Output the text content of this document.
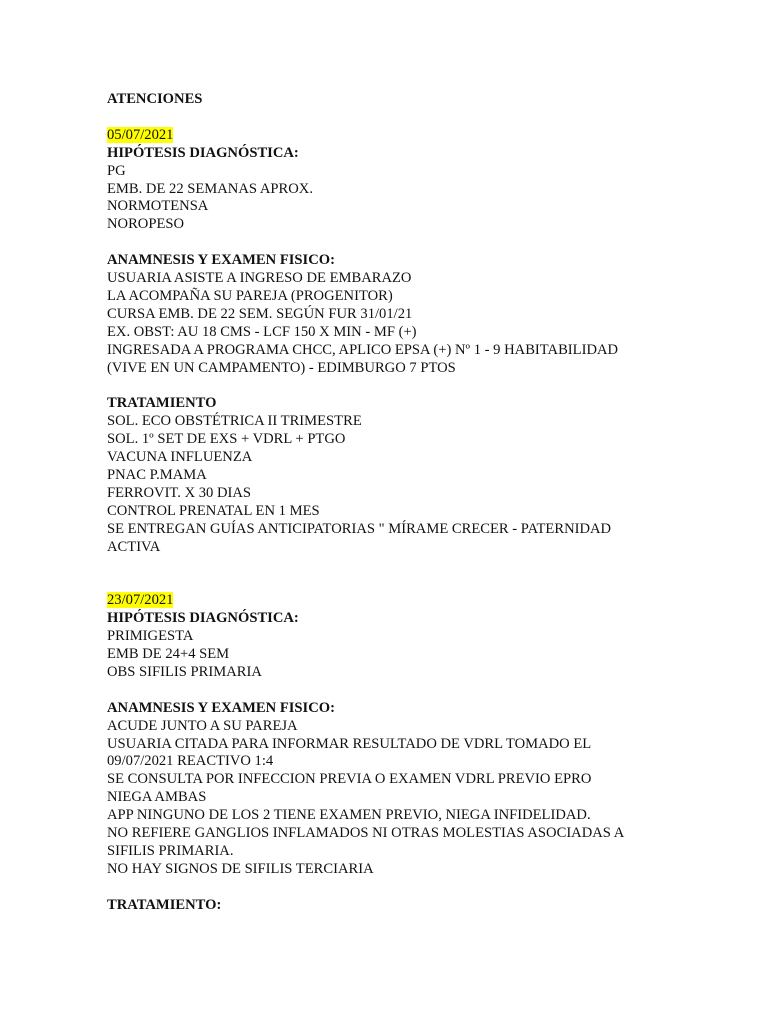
ATENCIONES
05/07/2021
HIPÓTESIS DIAGNÓSTICA:
PG
EMB. DE 22 SEMANAS APROX.
NORMOTENSA
NOROPESO
ANAMNESIS Y EXAMEN FISICO:
USUARIA ASISTE A INGRESO DE EMBARAZO
LA ACOMPAÑA SU PAREJA (PROGENITOR)
CURSA EMB. DE 22 SEM. SEGÚN FUR 31/01/21
EX. OBST: AU 18 CMS - LCF 150 X MIN - MF (+)
INGRESADA A PROGRAMA CHCC, APLICO EPSA (+) Nº 1 - 9 HABITABILIDAD
(VIVE EN UN CAMPAMENTO) - EDIMBURGO 7 PTOS
TRATAMIENTO
SOL. ECO OBSTÉTRICA II TRIMESTRE
SOL. 1º SET DE EXS + VDRL + PTGO
VACUNA INFLUENZA
PNAC P.MAMA
FERROVIT. X 30 DIAS
CONTROL PRENATAL EN 1 MES
SE ENTREGAN GUÍAS ANTICIPATORIAS " MÍRAME CRECER - PATERNIDAD
ACTIVA
23/07/2021
HIPÓTESIS DIAGNÓSTICA:
PRIMIGESTA
EMB DE 24+4 SEM
OBS SIFILIS PRIMARIA
ANAMNESIS Y EXAMEN FISICO:
ACUDE JUNTO A SU PAREJA
USUARIA CITADA PARA INFORMAR RESULTADO DE VDRL TOMADO EL
09/07/2021 REACTIVO 1:4
SE CONSULTA POR INFECCION PREVIA O EXAMEN VDRL PREVIO EPRO
NIEGA AMBAS
APP NINGUNO DE LOS 2 TIENE EXAMEN PREVIO, NIEGA INFIDELIDAD.
NO REFIERE GANGLIOS INFLAMADOS NI OTRAS MOLESTIAS ASOCIADAS A
SIFILIS PRIMARIA.
NO HAY SIGNOS DE SIFILIS TERCIARIA
TRATAMIENTO:
